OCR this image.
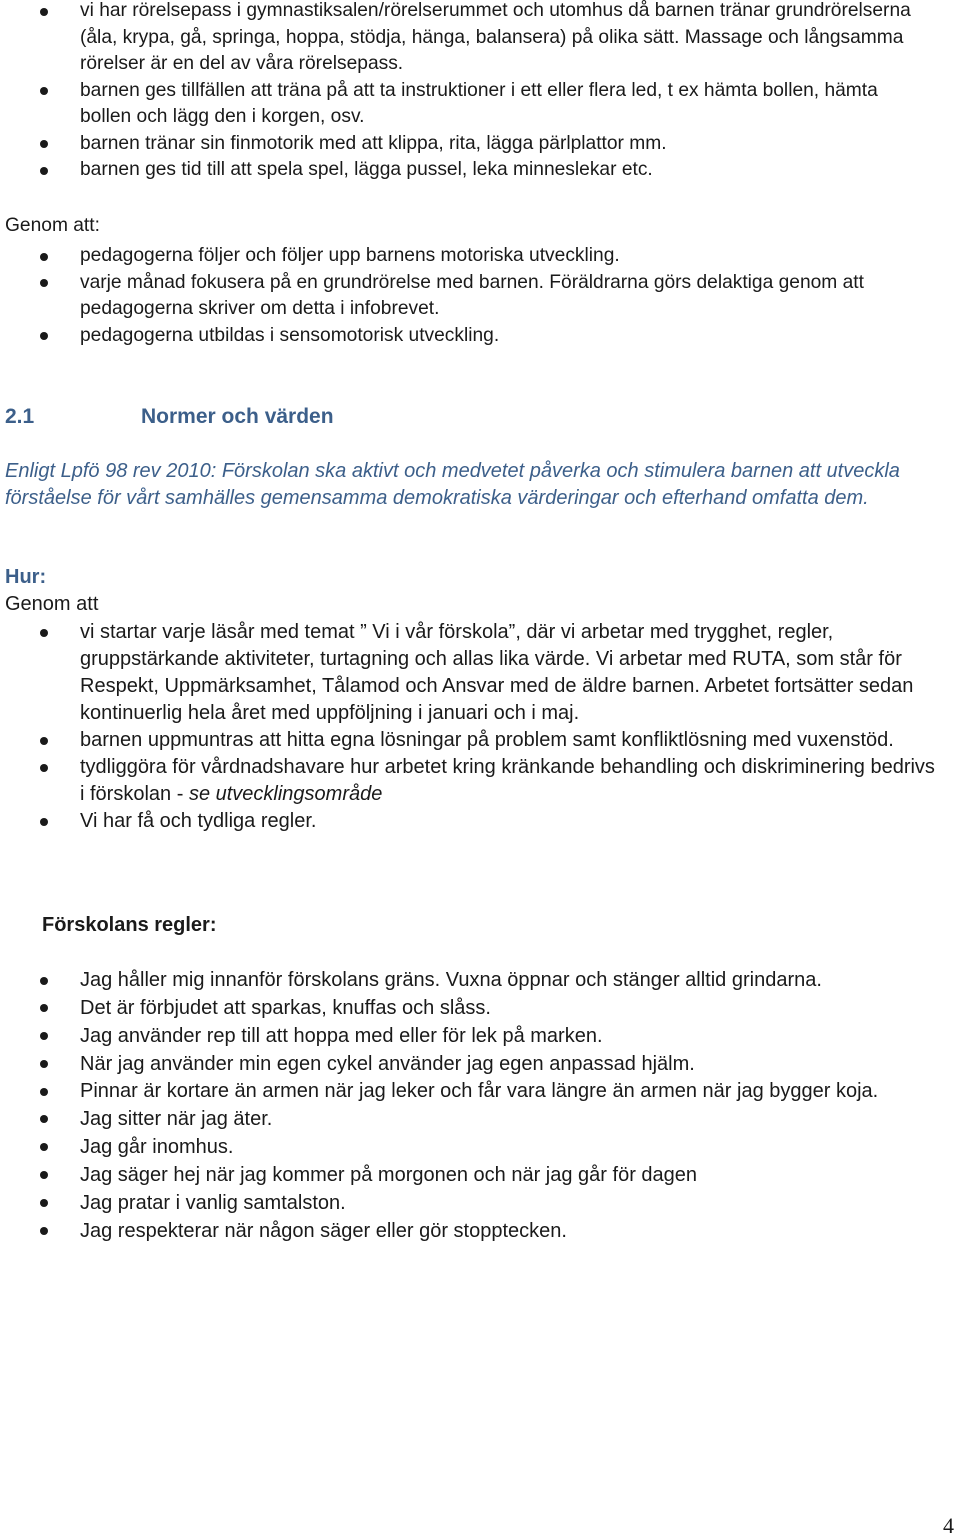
vi har rörelsepass i gymnastiksalen/rörelserummet och utomhus då barnen tränar grundrörelserna (åla, krypa, gå, springa, hoppa, stödja, hänga, balansera) på olika sätt. Massage och långsamma rörelser är en del av våra rörelsepass.
barnen ges tillfällen att träna på att ta instruktioner i ett eller flera led, t ex hämta bollen, hämta bollen och lägg den i korgen, osv.
barnen tränar sin finmotorik med att klippa, rita, lägga pärlplattor mm.
barnen ges tid till att spela spel, lägga pussel, leka minneslekar etc.
Genom att:
pedagogerna följer och följer upp barnens motoriska utveckling.
varje månad fokusera på en grundrörelse med barnen. Föräldrarna görs delaktiga genom att pedagogerna skriver om detta i infobrevet.
pedagogerna utbildas i sensomotorisk utveckling.
2.1	Normer och värden
Enligt Lpfö 98 rev 2010: Förskolan ska aktivt och medvetet påverka och stimulera barnen att utveckla förståelse för vårt samhälles gemensamma demokratiska värderingar och efterhand omfatta dem.
Hur:
Genom att
vi startar varje läsår med temat ” Vi i vår förskola”, där vi arbetar med trygghet, regler, gruppstärkande aktiviteter, turtagning och allas lika värde. Vi arbetar med RUTA, som står för Respekt, Uppmärksamhet, Tålamod och Ansvar med de äldre barnen. Arbetet fortsätter sedan kontinuerlig hela året med uppföljning i januari och i maj.
barnen uppmuntras att hitta egna lösningar på problem samt konfliktlösning med vuxenstöd.
tydliggöra för vårdnadshavare hur arbetet kring kränkande behandling och diskriminering bedrivs i förskolan - se utvecklingsområde
Vi har få och tydliga regler.
Förskolans regler:
Jag håller mig innanför förskolans gräns. Vuxna öppnar och stänger alltid grindarna.
Det är förbjudet att sparkas, knuffas och slåss.
Jag använder rep till att hoppa med eller för lek på marken.
När jag använder min egen cykel använder jag egen anpassad hjälm.
Pinnar är kortare än armen när jag leker och får vara längre än armen när jag bygger koja.
Jag sitter när jag äter.
Jag går inomhus.
Jag säger hej när jag kommer på morgonen och när jag går för dagen
Jag pratar i vanlig samtalston.
Jag respekterar när någon säger eller gör stopptecken.
4
